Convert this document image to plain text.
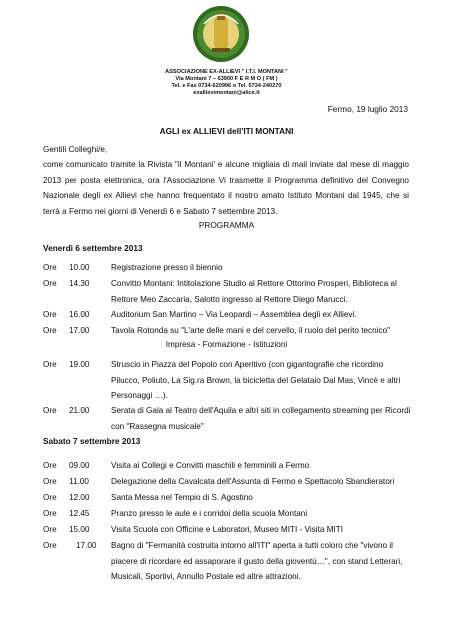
ASSOCIAZIONE EX-ALLIEVI " I.T.I. MONTANI "
Via Montani 7 – 63900 F E R M O ( FM )
Tel. e Fax 0734-620996 o Tel. 0734-240270
exallievimontani@alice.it
Fermo, 19 luglio 2013
AGLI ex ALLIEVI dell'ITI MONTANI
Gentili Colleghi/e,
come comunicato tramite la Rivista "il Montani' e alcune migliaia di mail inviate dal mese di maggio 2013 per posta elettronica, ora l'Associazione Vi trasmette il Programma definitivo del Convegno Nazionale degli ex Allievi che hanno frequentato il nostro amato Istituto Montani dal 1945, che si terrà a Fermo nei giorni di Venerdì 6 e Sabato 7 settembre 2013.
PROGRAMMA
Venerdì 6 settembre 2013
Ore 10.00	Registrazione presso il biennio
Ore 14.30	Convitto Montani: Intitolazione Studio al Rettore Ottorino Prosperi, Biblioteca al Rettore Meo Zaccaria, Salotto ingresso al Rettore Diego Marucci.
Ore 16.00	Auditorium San Martino – Via Leopardi – Assemblea degli ex Allievi.
Ore 17.00	Tavola Rotonda su "L'arte delle mani e del cervello, il ruolo del perito tecnico"
Impresa - Formazione - Istituzioni
Ore 19.00	Struscio in Piazza del Popolo con Aperitivo (con gigantografie che ricordino Pilucco, Poliuto, La Sig.ra Brown, la bicicletta del Gelataio Dal Mas, Vincè e altri Personaggi …).
Ore 21.00	Serata di Gala al Teatro dell'Aquila e altri siti in collegamento streaming per Ricordi con "Rassegna musicale"
Sabato 7 settembre 2013
Ore 09.00	Visita ai Collegi e Convitti maschili e femminili a Fermo
Ore 11.00	Delegazione della Cavalcata dell'Assunta di Fermo e Spettacolo Sbandieratori
Ore 12.00	Santa Messa nel Tempio di S. Agostino
Ore 12.45	Pranzo presso le aule e i corridoi della scuola Montani
Ore 15.00	Visita Scuola con Officine e Laboratori, Museo MITI - Visita MITI
Ore 17.00 Bagno di "Fermanità costruita intorno all'ITI" aperta a tutti coloro che "vivono il piacere di ricordare ed assaporare il gusto della gioventù…", con stand Letterari, Musicali, Sportivi, Annullo Postale ed altre attrazioni.
